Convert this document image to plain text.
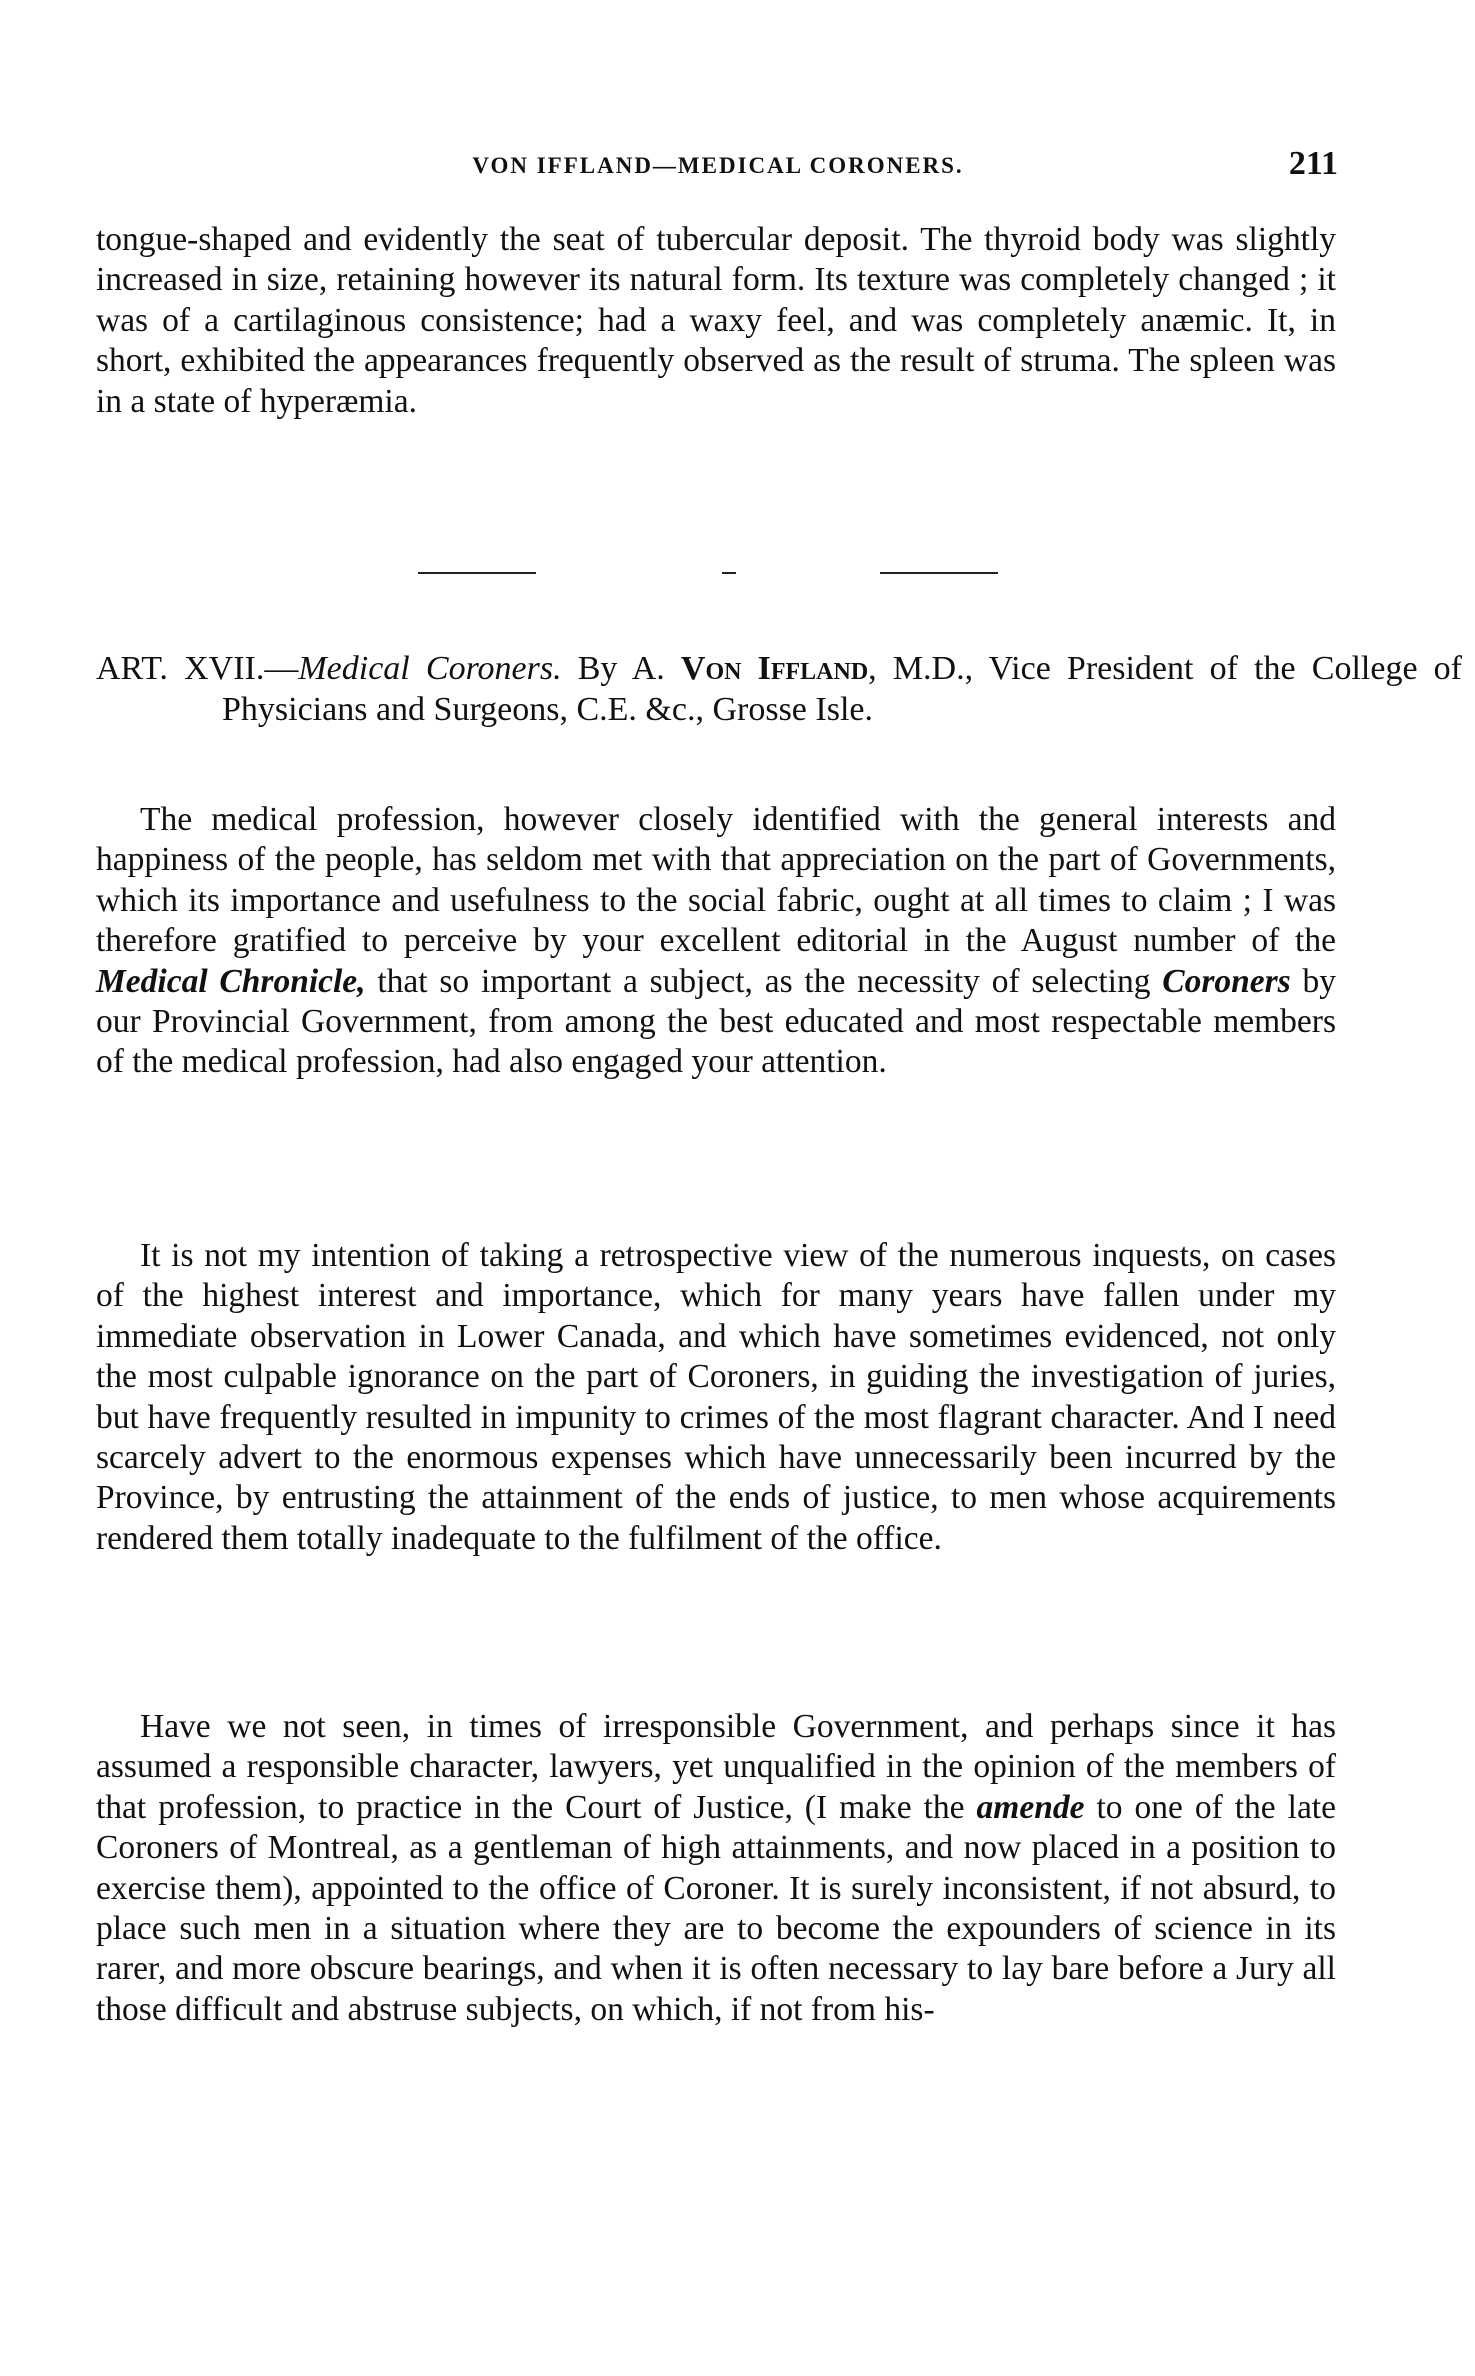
VON IFFLAND—MEDICAL CORONERS.	211

tongue-shaped and evidently the seat of tubercular deposit. The thyroid body was slightly increased in size, retaining however its natural form. Its texture was completely changed ; it was of a cartilaginous consistence; had a waxy feel, and was completely anæmic. It, in short, exhibited the appearances frequently observed as the result of struma. The spleen was in a state of hyperæmia.

ART. XVII.—Medical Coroners. By A. Von Iffland, M.D., Vice President of the College of Physicians and Surgeons, C.E. &c., Grosse Isle.

The medical profession, however closely identified with the general interests and happiness of the people, has seldom met with that appreciation on the part of Governments, which its importance and usefulness to the social fabric, ought at all times to claim ; I was therefore gratified to perceive by your excellent editorial in the August number of the Medical Chronicle, that so important a subject, as the necessity of selecting Coroners by our Provincial Government, from among the best educated and most respectable members of the medical profession, had also engaged your attention.

It is not my intention of taking a retrospective view of the numerous inquests, on cases of the highest interest and importance, which for many years have fallen under my immediate observation in Lower Canada, and which have sometimes evidenced, not only the most culpable ignorance on the part of Coroners, in guiding the investigation of juries, but have frequently resulted in impunity to crimes of the most flagrant character. And I need scarcely advert to the enormous expenses which have unnecessarily been incurred by the Province, by entrusting the attainment of the ends of justice, to men whose acquirements rendered them totally inadequate to the fulfilment of the office.

Have we not seen, in times of irresponsible Government, and perhaps since it has assumed a responsible character, lawyers, yet unqualified in the opinion of the members of that profession, to practice in the Court of Justice, (I make the amende to one of the late Coroners of Montreal, as a gentleman of high attainments, and now placed in a position to exercise them), appointed to the office of Coroner. It is surely inconsistent, if not absurd, to place such men in a situation where they are to become the expounders of science in its rarer, and more obscure bearings, and when it is often necessary to lay bare before a Jury all those difficult and abstruse subjects, on which, if not from his-
